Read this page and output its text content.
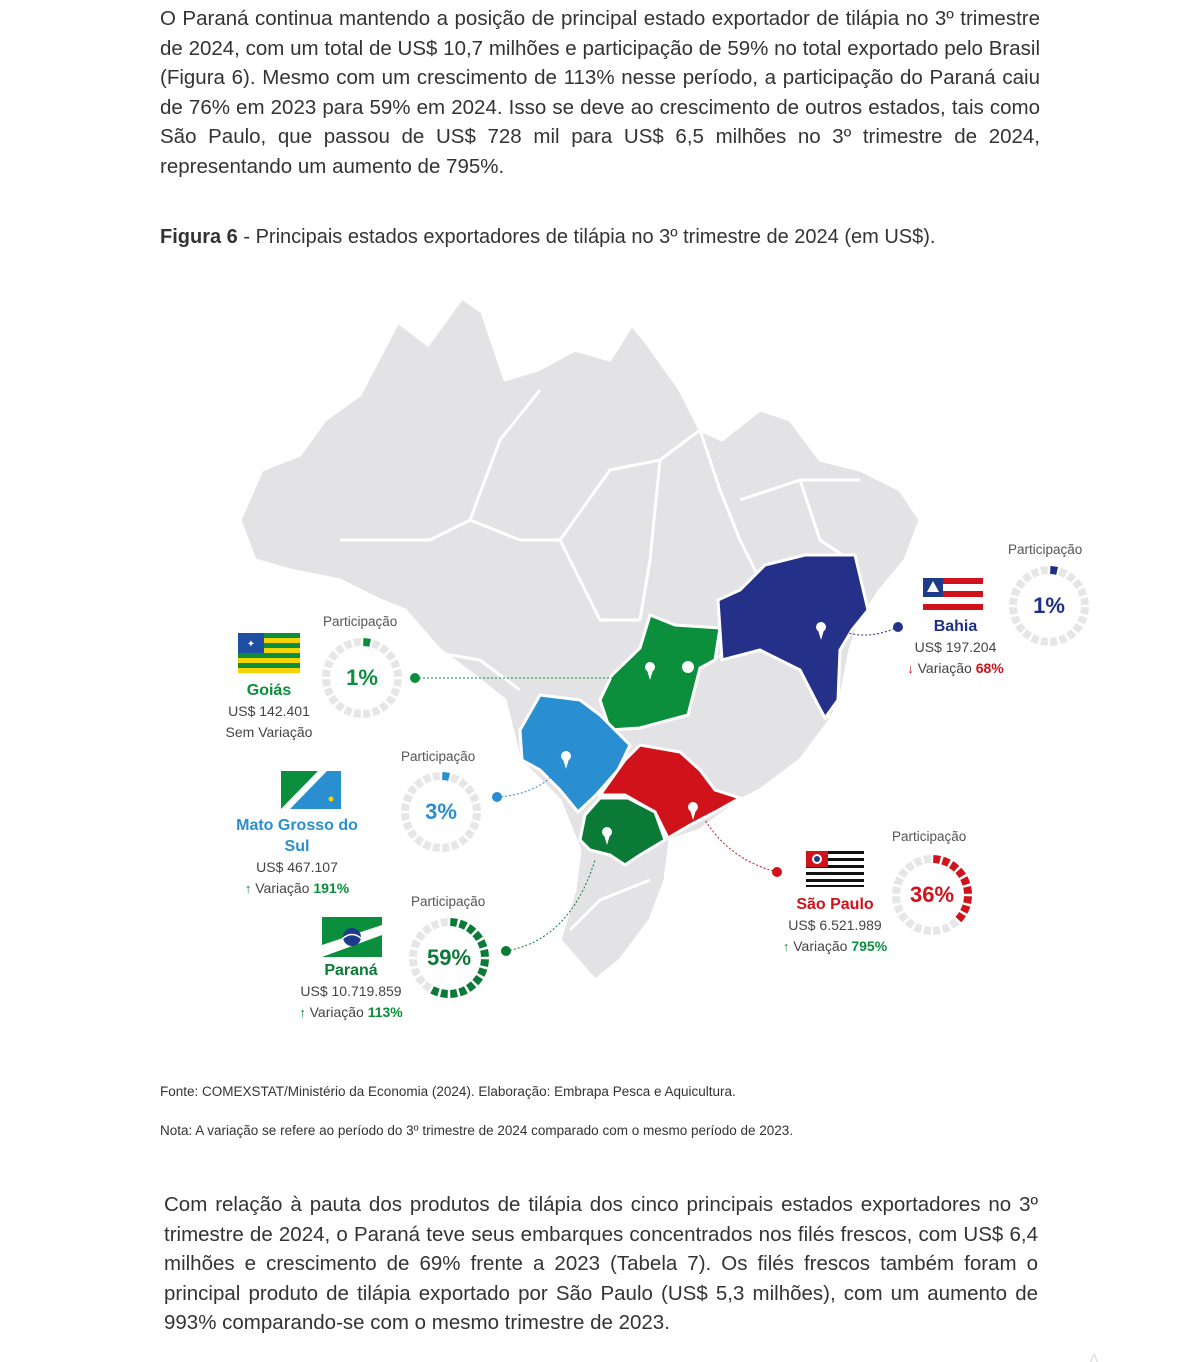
O Paraná continua mantendo a posição de principal estado exportador de tilápia no 3º trimestre de 2024, com um total de US$ 10,7 milhões e participação de 59% no total exportado pelo Brasil (Figura 6). Mesmo com um crescimento de 113% nesse período, a participação do Paraná caiu de 76% em 2023 para 59% em 2024. Isso se deve ao crescimento de outros estados, tais como São Paulo, que passou de US$ 728 mil para US$ 6,5 milhões no 3º trimestre de 2024, representando um aumento de 795%.

Figura 6 - Principais estados exportadores de tilápia no 3º trimestre de 2024 (em US$).
✦
ᴧ
Participação
Participação
Participação
Participação
Participação
1%
3%
59%
1%
36%
Goiás
US$ 142.401
Sem Variação
Mato Grosso do Sul
US$ 467.107
↑ Variação 191%
Paraná
US$ 10.719.859
↑ Variação 113%
Bahia
US$ 197.204
↓ Variação 68%
São Paulo
US$ 6.521.989
↑ Variação 795%
Fonte: COMEXSTAT/Ministério da Economia (2024). Elaboração: Embrapa Pesca e Aquicultura.
Nota: A variação se refere ao período do 3º trimestre de 2024 comparado com o mesmo período de 2023.

Com relação à pauta dos produtos de tilápia dos cinco principais estados exportadores no 3º trimestre de 2024, o Paraná teve seus embarques concentrados nos filés frescos, com US$ 6,4 milhões e crescimento de 69% frente a 2023 (Tabela 7). Os filés frescos também foram o principal produto de tilápia exportado por São Paulo (US$ 5,3 milhões), com um aumento de 993% comparando-se com o mesmo trimestre de 2023.
